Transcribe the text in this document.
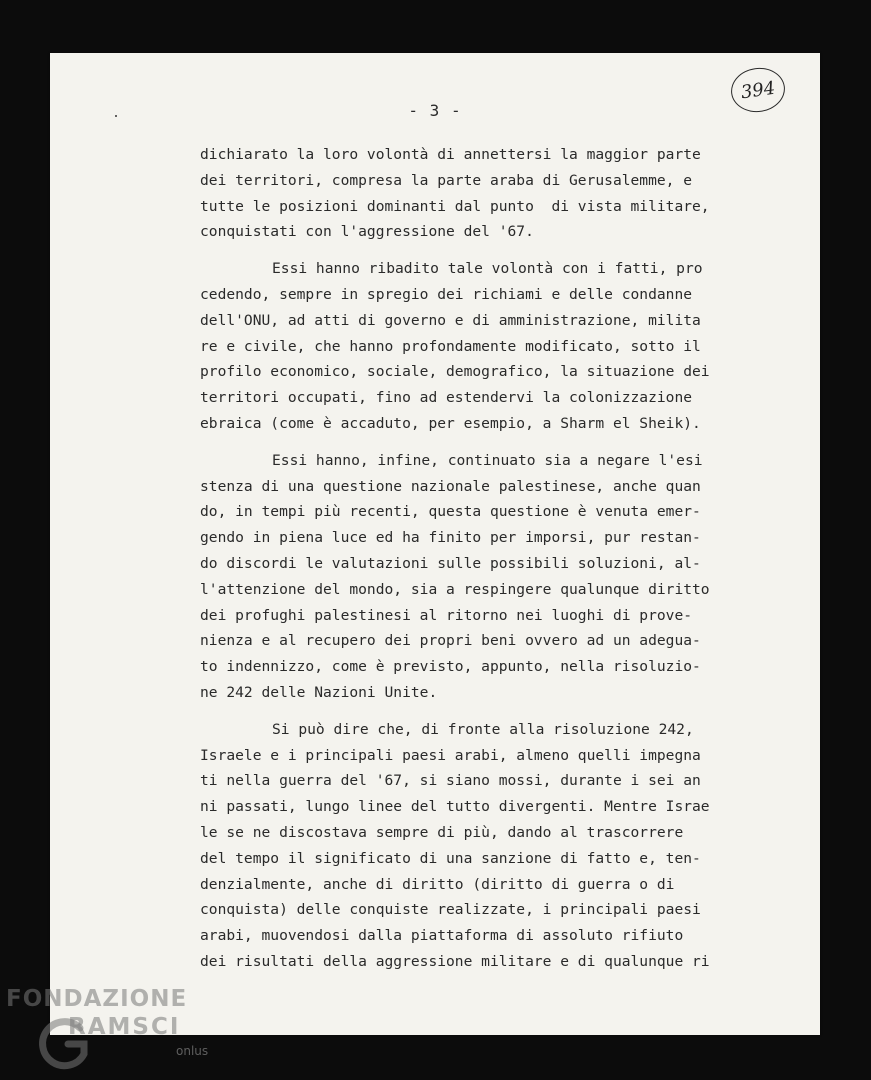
- 3 -
394
dichiarato la loro volontà di annettersi la maggior parte
dei territori, compresa la parte araba di Gerusalemme, e
tutte le posizioni dominanti dal punto  di vista militare,
conquistati con l'aggressione del '67.
Essi hanno ribadito tale volontà con i fatti, pro
cedendo, sempre in spregio dei richiami e delle condanne
dell'ONU, ad atti di governo e di amministrazione, milita
re e civile, che hanno profondamente modificato, sotto il
profilo economico, sociale, demografico, la situazione dei
territori occupati, fino ad estendervi la colonizzazione
ebraica (come è accaduto, per esempio, a Sharm el Sheik).
Essi hanno, infine, continuato sia a negare l'esi
stenza di una questione nazionale palestinese, anche quan
do, in tempi più recenti, questa questione è venuta emer-
gendo in piena luce ed ha finito per imporsi, pur restan-
do discordi le valutazioni sulle possibili soluzioni, al-
l'attenzione del mondo, sia a respingere qualunque diritto
dei profughi palestinesi al ritorno nei luoghi di prove-
nienza e al recupero dei propri beni ovvero ad un adegua-
to indennizzo, come è previsto, appunto, nella risoluzio-
ne 242 delle Nazioni Unite.
Si può dire che, di fronte alla risoluzione 242,
Israele e i principali paesi arabi, almeno quelli impegna
ti nella guerra del '67, si siano mossi, durante i sei an
ni passati, lungo linee del tutto divergenti. Mentre Israe
le se ne discostava sempre di più, dando al trascorrere
del tempo il significato di una sanzione di fatto e, ten-
denzialmente, anche di diritto (diritto di guerra o di
conquista) delle conquiste realizzate, i principali paesi
arabi, muovendosi dalla piattaforma di assoluto rifiuto
dei risultati della aggressione militare e di qualunque ri
FONDAZIONE
RAMSCI
onlus
